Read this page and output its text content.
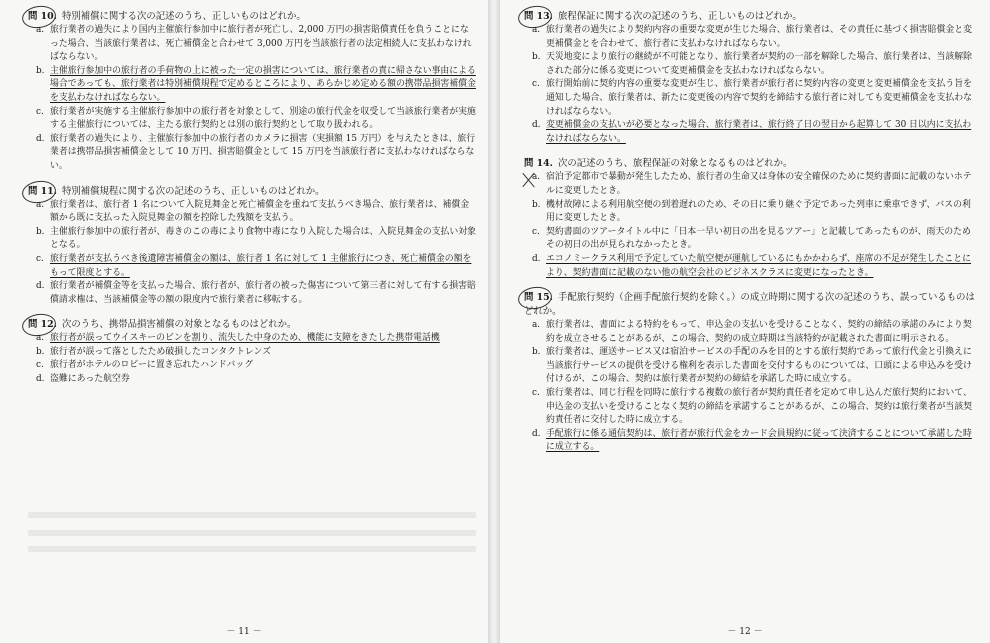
問 10. 特別補償に関する次の記述のうち、正しいものはどれか。
a. 旅行業者の過失により国内主催旅行参加中に旅行者が死亡し、2,000 万円の損害賠償責任を負うことになった場合、当該旅行業者は、死亡補償金と合わせて 3,000 万円を当該旅行者の法定相続人に支払わなければならない。
b. 主催旅行参加中の旅行者の手荷物の上に被った一定の損害については、旅行業者の責に帰さない事由による場合であっても、旅行業者は特別補償規程で定めるところにより、あらかじめ定める額の携帯品損害補償金を支払わなければならない。
c. 旅行業者が実施する主催旅行参加中の旅行者を対象として、別途の旅行代金を収受して当該旅行業者が実施する主催旅行については、主たる旅行契約とは別の旅行契約として取り扱われる。
d. 旅行業者の過失により、主催旅行参加中の旅行者のカメラに損害（実損額 15 万円）を与えたときは、旅行業者は携帯品損害補償金として 10 万円、損害賠償金として 15 万円を当該旅行者に支払わなければならない。
問 11. 特別補償規程に関する次の記述のうち、正しいものはどれか。
a. 旅行業者は、旅行者 1 名について入院見舞金と死亡補償金を重ねて支払うべき場合、旅行業者は、補償金額から既に支払った入院見舞金の額を控除した残額を支払う。
b. 主催旅行参加中の旅行者が、毒きのこの毒により食物中毒になり入院した場合は、入院見舞金の支払い対象となる。
c. 旅行業者が支払うべき後遺障害補償金の額は、旅行者 1 名に対して 1 主催旅行につき、死亡補償金の額をもって限度とする。
d. 旅行業者が補償金等を支払った場合、旅行者が、旅行者の被った傷害について第三者に対して有する損害賠償請求権は、当該補償金等の額の限度内で旅行業者に移転する。
問 12. 次のうち、携帯品損害補償の対象となるものはどれか。
a. 旅行者が誤ってウイスキーのビンを割り、流失した中身のため、機能に支障をきたした携帯電話機
b. 旅行者が誤って落としたため破損したコンタクトレンズ
c. 旅行者がホテルのロビーに置き忘れたハンドバッグ
d. 盗難にあった航空券
－ 11 －
問 13. 旅程保証に関する次の記述のうち、正しいものはどれか。
a. 旅行業者の過失により契約内容の重要な変更が生じた場合、旅行業者は、その責任に基づく損害賠償金と変更補償金とを合わせて、旅行者に支払わなければならない。
b. 天災地変により旅行の継続が不可能となり、旅行業者が契約の一部を解除した場合、旅行業者は、当該解除された部分に係る変更について変更補償金を支払わなければならない。
c. 旅行開始前に契約内容の重要な変更が生じ、旅行業者が旅行者に契約内容の変更と変更補償金を支払う旨を通知した場合、旅行業者は、新たに変更後の内容で契約を締結する旅行者に対しても変更補償金を支払わなければならない。
d. 変更補償金の支払いが必要となった場合、旅行業者は、旅行終了日の翌日から起算して 30 日以内に支払わなければならない。
問 14. 次の記述のうち、旅程保証の対象となるものはどれか。
a. 宿泊予定都市で暴動が発生したため、旅行者の生命又は身体の安全確保のために契約書面に記載のないホテルに変更したとき。
b. 機材故障による利用航空便の到着遅れのため、その日に乗り継ぐ予定であった列車に乗車できず、バスの利用に変更したとき。
c. 契約書面のツアータイトル中に「日本一早い初日の出を見るツアー」と記載してあったものが、雨天のためその初日の出が見られなかったとき。
d. エコノミークラス利用で予定していた航空便が運航しているにもかかわらず、座席の不足が発生したことにより、契約書面に記載のない他の航空会社のビジネスクラスに変更になったとき。
問 15. 手配旅行契約（企画手配旅行契約を除く。）の成立時期に関する次の記述のうち、誤っているものはどれか。
a. 旅行業者は、書面による特約をもって、申込金の支払いを受けることなく、契約の締結の承諾のみにより契約を成立させることがあるが、この場合、契約の成立時期は当該特約が記載された書面に明示される。
b. 旅行業者は、運送サービス又は宿泊サービスの手配のみを目的とする旅行契約であって旅行代金と引換えに当該旅行サービスの提供を受ける権利を表示した書面を交付するものについては、口頭による申込みを受け付けるが、この場合、契約は旅行業者が契約の締結を承諾した時に成立する。
c. 旅行業者は、同じ行程を同時に旅行する複数の旅行者が契約責任者を定めて申し込んだ旅行契約において、申込金の支払いを受けることなく契約の締結を承諾することがあるが、この場合、契約は旅行業者が当該契約責任者に交付した時に成立する。
d. 手配旅行に係る通信契約は、旅行者が旅行代金をカード会員規約に従って決済することについて承諾した時に成立する。
－ 12 －
